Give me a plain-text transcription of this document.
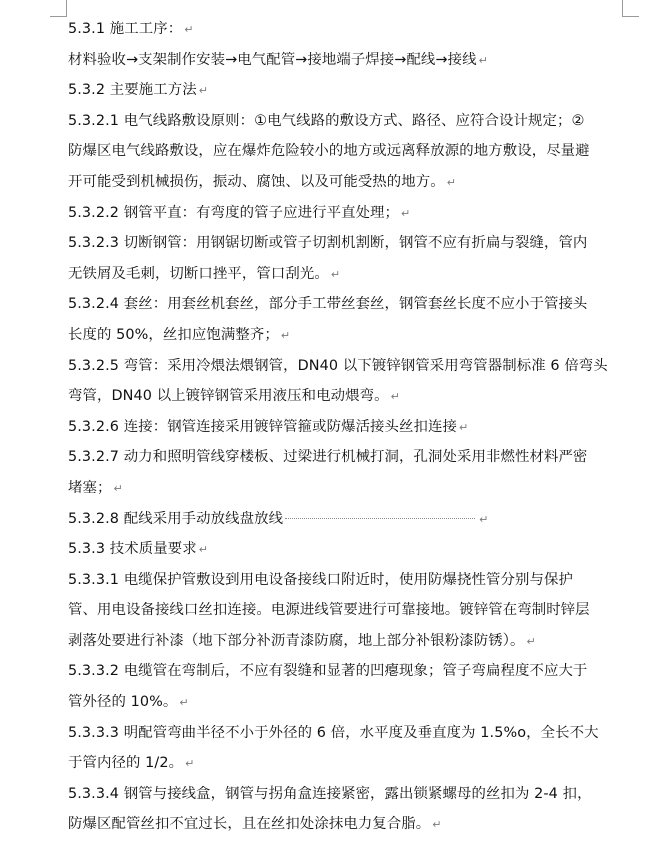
5.3.1 施工工序： ↵
材料验收→支架制作安装→电气配管→接地端子焊接→配线→接线 ↵
5.3.2 主要施工方法 ↵
5.3.2.1 电气线路敷设原则：①电气线路的敷设方式、路径、应符合设计规定；②
防爆区电气线路敷设，应在爆炸危险较小的地方或远离释放源的地方敷设，尽量避
开可能受到机械损伤，振动、腐蚀、以及可能受热的地方。 ↵
5.3.2.2 钢管平直：有弯度的管子应进行平直处理； ↵
5.3.2.3 切断钢管：用钢锯切断或管子切割机割断，钢管不应有折扁与裂缝，管内
无铁屑及毛刺，切断口挫平，管口刮光。 ↵
5.3.2.4 套丝：用套丝机套丝，部分手工带丝套丝，钢管套丝长度不应小于管接头
长度的 50%，丝扣应饱满整齐； ↵
5.3.2.5 弯管：采用冷煨法煨钢管，DN40 以下镀锌钢管采用弯管器制标准 6 倍弯头
弯管，DN40 以上镀锌钢管采用液压和电动煨弯。 ↵
5.3.2.6 连接：钢管连接采用镀锌管箍或防爆活接头丝扣连接 ↵
5.3.2.7 动力和照明管线穿楼板、过梁进行机械打洞，孔洞处采用非燃性材料严密
堵塞； ↵
5.3.2.8 配线采用手动放线盘放线	↵
5.3.3 技术质量要求 ↵
5.3.3.1 电缆保护管敷设到用电设备接线口附近时，使用防爆挠性管分别与保护
管、用电设备接线口丝扣连接。电源进线管要进行可靠接地。镀锌管在弯制时锌层
剥落处要进行补漆（地下部分补沥青漆防腐，地上部分补银粉漆防锈）。 ↵
5.3.3.2 电缆管在弯制后，不应有裂缝和显著的凹瘪现象；管子弯扁程度不应大于
管外径的 10%。 ↵
5.3.3.3 明配管弯曲半径不小于外径的 6 倍，水平度及垂直度为 1.5%o，全长不大
于管内径的 1/2。 ↵
5.3.3.4 钢管与接线盒，钢管与拐角盒连接紧密，露出锁紧螺母的丝扣为 2-4 扣，
防爆区配管丝扣不宜过长，且在丝扣处涂抹电力复合脂。 ↵
